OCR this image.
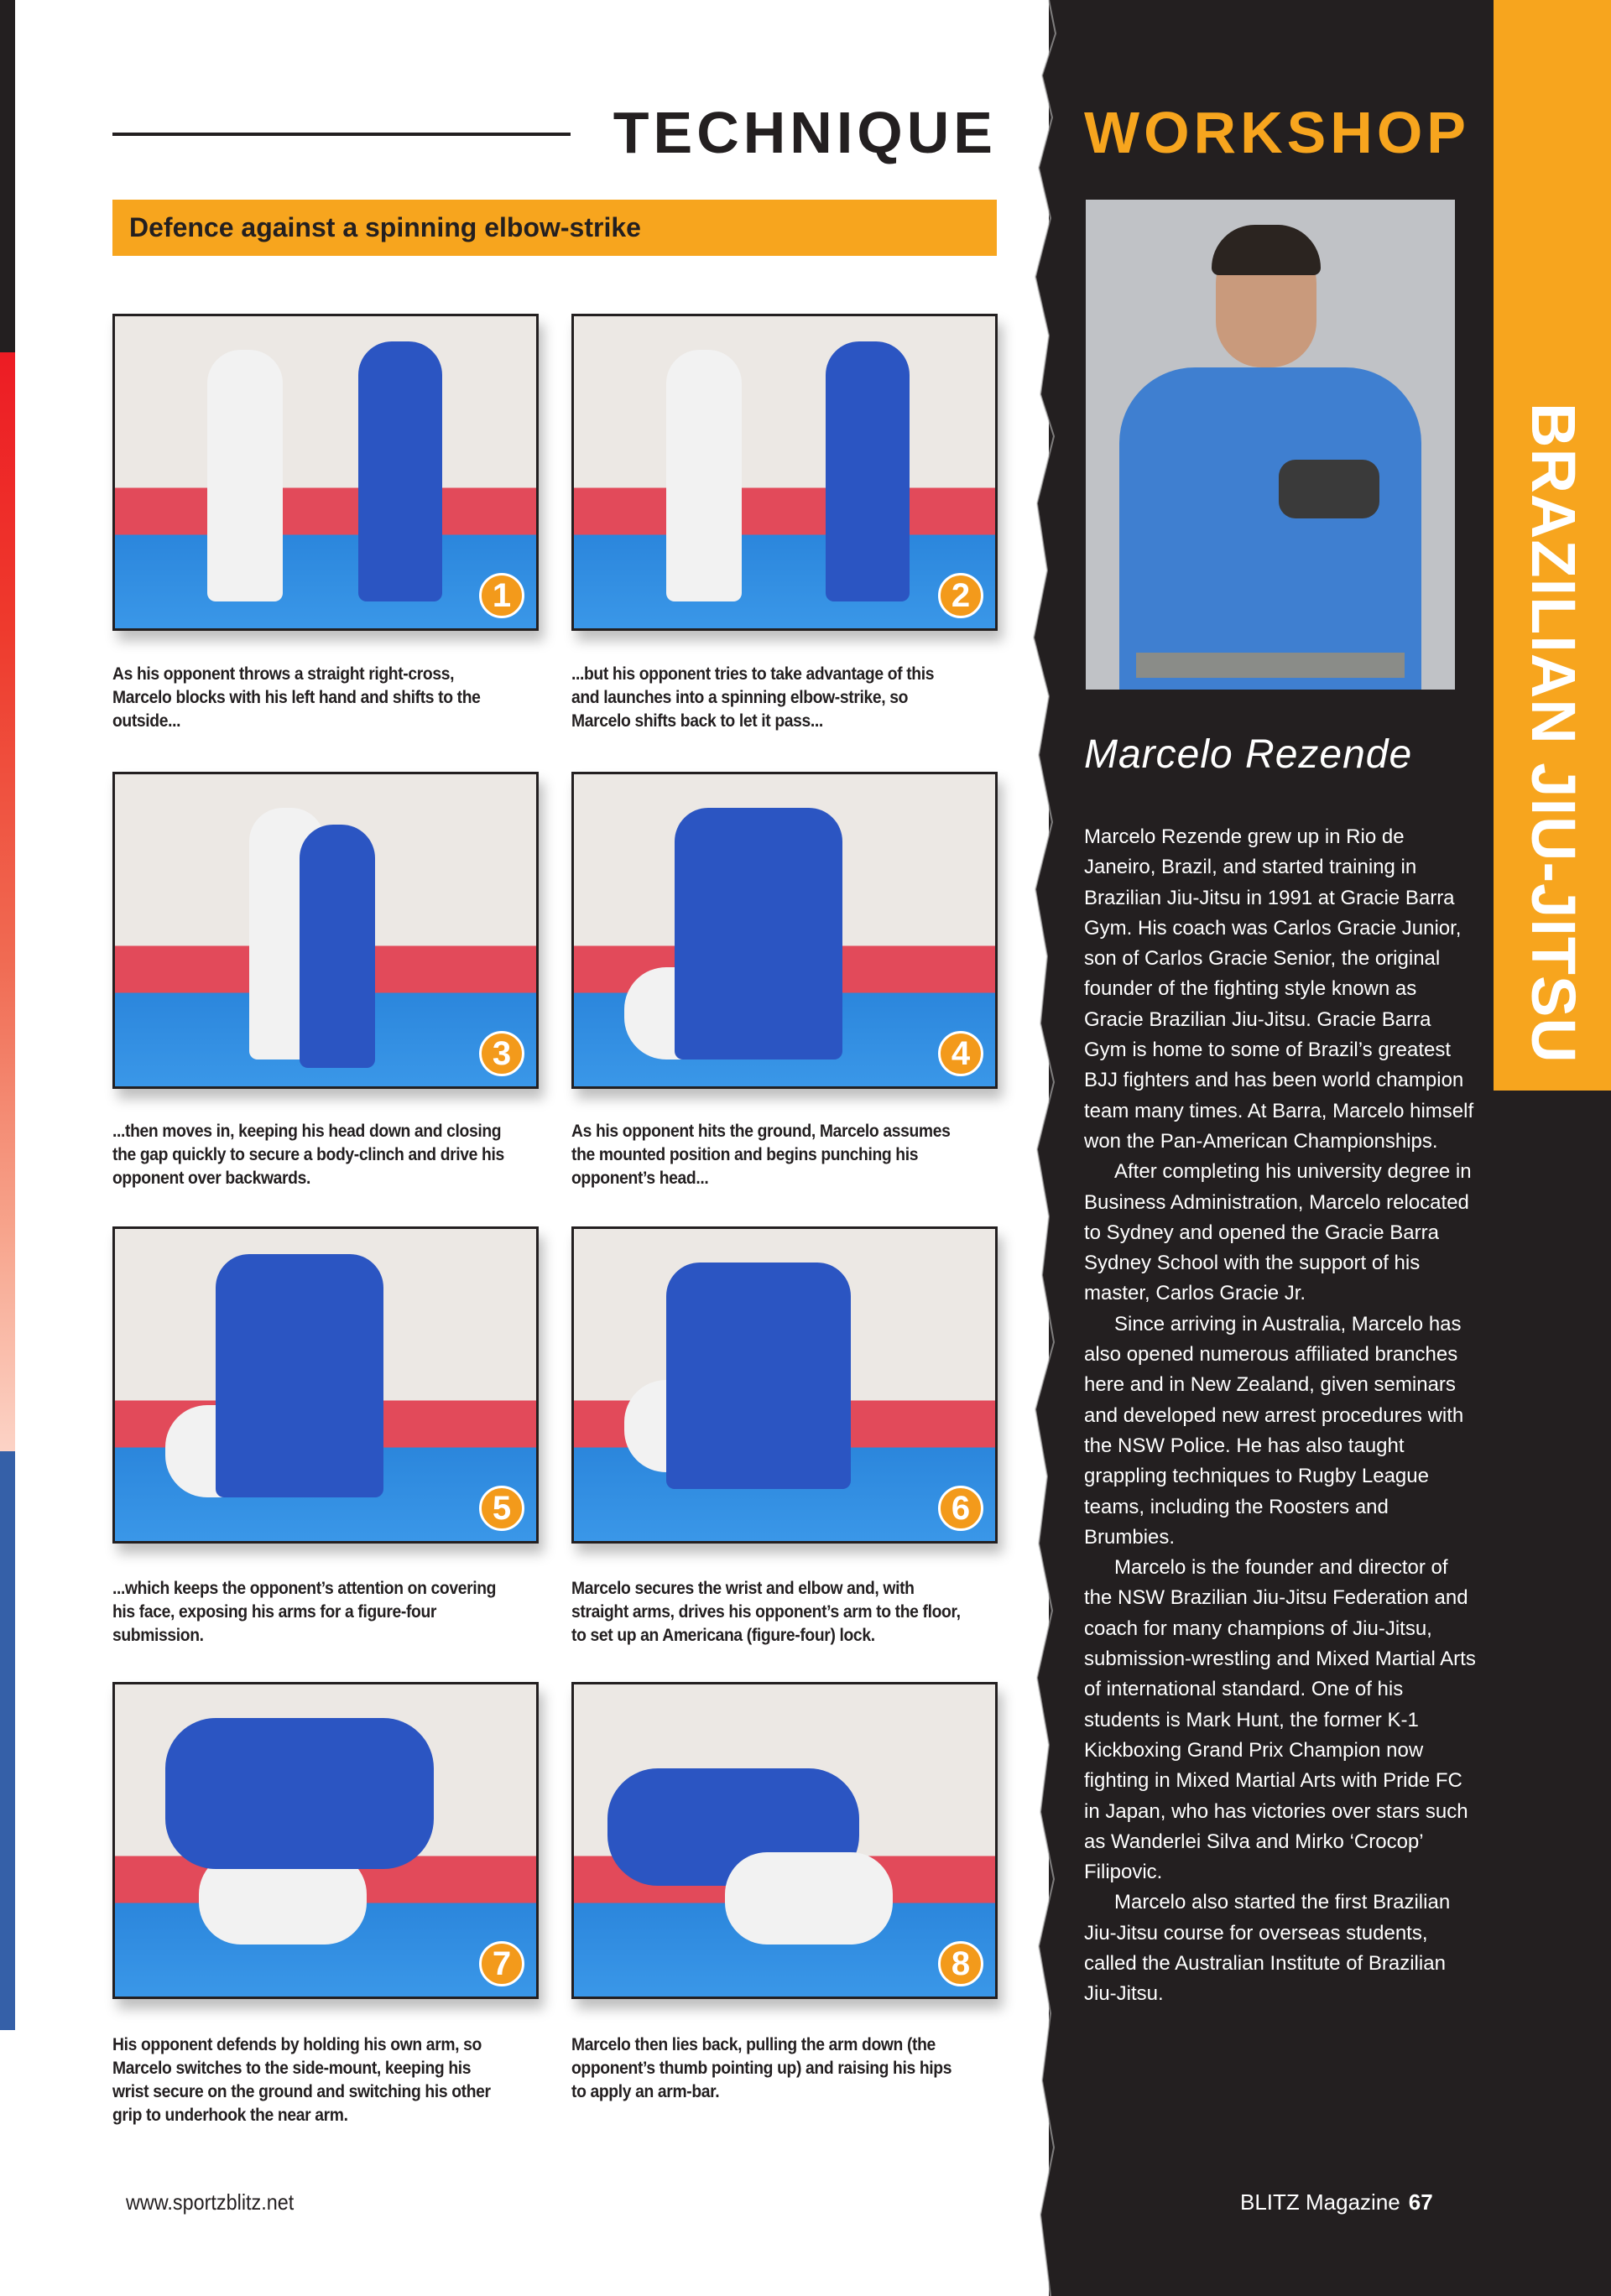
BRAZILIAN JIU-JITSU
TECHNIQUE WORKSHOP
Defence against a spinning elbow-strike
1
As his opponent throws a straight right-cross, Marcelo blocks with his left hand and shifts to the outside...
2
...but his opponent tries to take advantage of this and launches into a spinning elbow-strike, so Marcelo shifts back to let it pass...
3
...then moves in, keeping his head down and closing the gap quickly to secure a body-clinch and drive his opponent over backwards.
4
As his opponent hits the ground, Marcelo assumes the mounted position and begins punching his opponent’s head...
5
...which keeps the opponent’s attention on covering his face, exposing his arms for a figure-four submission.
6
Marcelo secures the wrist and elbow and, with straight arms, drives his opponent’s arm to the floor, to set up an Americana (figure-four) lock.
7
His opponent defends by holding his own arm, so Marcelo switches to the side-mount, keeping his wrist secure on the ground and switching his other grip to underhook the near arm.
8
Marcelo then lies back, pulling the arm down (the opponent’s thumb pointing up) and raising his hips to apply an arm-bar.
Marcelo Rezende

Marcelo Rezende grew up in Rio de Janeiro, Brazil, and started training in Brazilian Jiu-Jitsu in 1991 at Gracie Barra Gym. His coach was Carlos Gracie Junior, son of Carlos Gracie Senior, the original founder of the fighting style known as Gracie Brazilian Jiu-Jitsu. Gracie Barra Gym is home to some of Brazil’s greatest BJJ fighters and has been world champion team many times. At Barra, Marcelo himself won the Pan-American Championships.

After completing his university degree in Business Administration, Marcelo relocated to Sydney and opened the Gracie Barra Sydney School with the support of his master, Carlos Gracie Jr.

Since arriving in Australia, Marcelo has also opened numerous affiliated branches here and in New Zealand, given seminars and developed new arrest procedures with the NSW Police. He has also taught grappling techniques to Rugby League teams, including the Roosters and Brumbies.

Marcelo is the founder and director of the NSW Brazilian Jiu-Jitsu Federation and coach for many champions of Jiu-Jitsu, submission-wrestling and Mixed Martial Arts of international standard. One of his students is Mark Hunt, the former K-1 Kickboxing Grand Prix Champion now fighting in Mixed Martial Arts with Pride FC in Japan, who has victories over stars such as Wanderlei Silva and Mirko ‘Crocop’ Filipovic.

Marcelo also started the first Brazilian Jiu-Jitsu course for overseas students, called the Australian Institute of Brazilian Jiu-Jitsu.

www.sportzblitz.net	BLITZ Magazine 67
